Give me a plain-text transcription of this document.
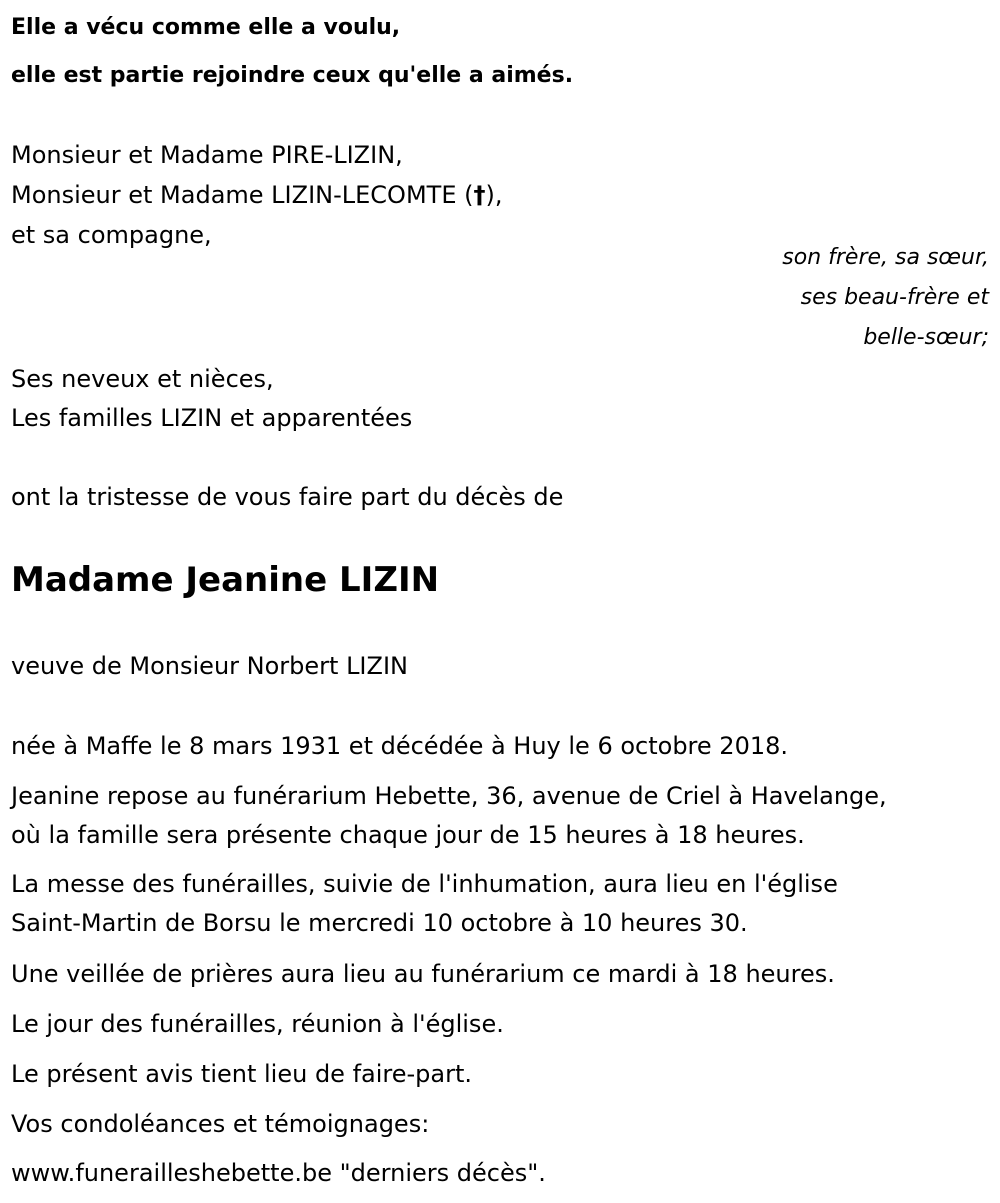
Elle a vécu comme elle a voulu,
elle est partie rejoindre ceux qu'elle a aimés.
Monsieur et Madame PIRE-LIZIN,
Monsieur et Madame LIZIN-LECOMTE (†),
et sa compagne,
son frère, sa sœur,
ses beau-frère et
belle-sœur;
Ses neveux et nièces,
Les familles LIZIN et apparentées
ont la tristesse de vous faire part du décès de
Madame Jeanine LIZIN
veuve de Monsieur Norbert LIZIN
née à Maffe le 8 mars 1931 et décédée à Huy le 6 octobre 2018.
Jeanine repose au funérarium Hebette, 36, avenue de Criel à Havelange,
où la famille sera présente chaque jour de 15 heures à 18 heures.
La messe des funérailles, suivie de l'inhumation, aura lieu en l'église
Saint-Martin de Borsu le mercredi 10 octobre à 10 heures 30.
Une veillée de prières aura lieu au funérarium ce mardi à 18 heures.
Le jour des funérailles, réunion à l'église.
Le présent avis tient lieu de faire-part.
Vos condoléances et témoignages:
www.funerailleshebette.be "derniers décès".
